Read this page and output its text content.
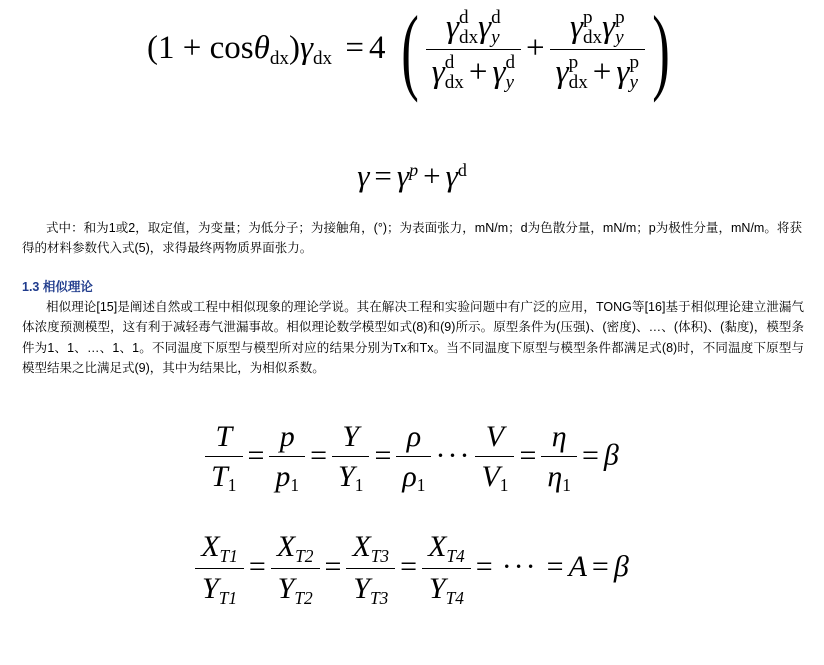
(1 + cosθdx)γdx = 4 ( γ d
dx γ d
y
γ d
dx + γ d
y + γ p
dx γ p
y
γ p
dx + γ p
y )
γ = γp + γd
式中：和为1或2，取定值，为变量；为低分子；为接触角，(°)；为表面张力，mN/m；d为色散分量，mN/m；p为极性分量，mN/m。将获得的材料参数代入式(5)，求得最终两物质界面张力。
1.3 相似理论
相似理论[15]是阐述自然或工程中相似现象的理论学说。其在解决工程和实验问题中有广泛的应用，TONG等[16]基于相似理论建立泄漏气体浓度预测模型，这有利于减轻毒气泄漏事故。相似理论数学模型如式(8)和(9)所示。原型条件为(压强)、(密度)、…、(体积)、(黏度)，模型条件为1、1、…、1、1。不同温度下原型与模型所对应的结果分别为Tx和Tx。当不同温度下原型与模型条件都满足式(8)时，不同温度下原型与模型结果之比满足式(9)，其中为结果比，为相似系数。
$\frac{T}{T1} = \frac{p}{p1} = \frac{Y}{Y1} = \frac{\rho}{\rho 1}$ ··· $\frac{V}{V1} = \frac{\eta}{\eta 1} = \beta$
$\frac{XT1}{YT1} = \frac{XT2}{YT2} = \frac{XT3}{YT3} = \frac{XT4}{YT4}$ = ··· = A = β
